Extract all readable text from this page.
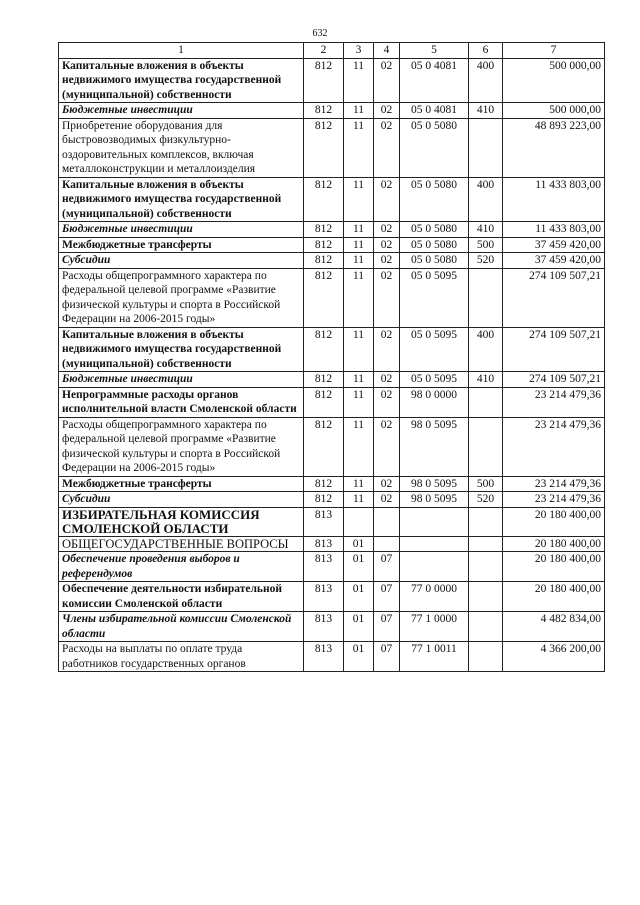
632
1	2	3	4	5	6	7
Капитальные вложения в объекты недвижимого имущества государственной (муниципальной) собственности	812	11	02	05 0 4081	400	500 000,00
Бюджетные инвестиции	812	11	02	05 0 4081	410	500 000,00
Приобретение оборудования для быстровозводимых физкультурно-оздоровительных комплексов, включая металлоконструкции и металлоизделия	812	11	02	05 0 5080		48 893 223,00
Капитальные вложения в объекты недвижимого имущества государственной (муниципальной) собственности	812	11	02	05 0 5080	400	11 433 803,00
Бюджетные инвестиции	812	11	02	05 0 5080	410	11 433 803,00
Межбюджетные трансферты	812	11	02	05 0 5080	500	37 459 420,00
Субсидии	812	11	02	05 0 5080	520	37 459 420,00
Расходы общепрограммного характера по федеральной целевой программе «Развитие физической культуры и спорта в Российской Федерации на 2006-2015 годы»	812	11	02	05 0 5095		274 109 507,21
Капитальные вложения в объекты недвижимого имущества государственной (муниципальной) собственности	812	11	02	05 0 5095	400	274 109 507,21
Бюджетные инвестиции	812	11	02	05 0 5095	410	274 109 507,21
Непрограммные расходы органов исполнительной власти Смоленской области	812	11	02	98 0 0000		23 214 479,36
Расходы общепрограммного характера по федеральной целевой программе «Развитие физической культуры и спорта в Российской Федерации на 2006-2015 годы»	812	11	02	98 0 5095		23 214 479,36
Межбюджетные трансферты	812	11	02	98 0 5095	500	23 214 479,36
Субсидии	812	11	02	98 0 5095	520	23 214 479,36
ИЗБИРАТЕЛЬНАЯ КОМИССИЯ СМОЛЕНСКОЙ ОБЛАСТИ	813					20 180 400,00
ОБЩЕГОСУДАРСТВЕННЫЕ ВОПРОСЫ	813	01				20 180 400,00
Обеспечение проведения выборов и референдумов	813	01	07			20 180 400,00
Обеспечение деятельности избирательной комиссии Смоленской области	813	01	07	77 0 0000		20 180 400,00
Члены избирательной комиссии Смоленской области	813	01	07	77 1 0000		4 482 834,00
Расходы на выплаты по оплате труда работников государственных органов	813	01	07	77 1 0011		4 366 200,00
